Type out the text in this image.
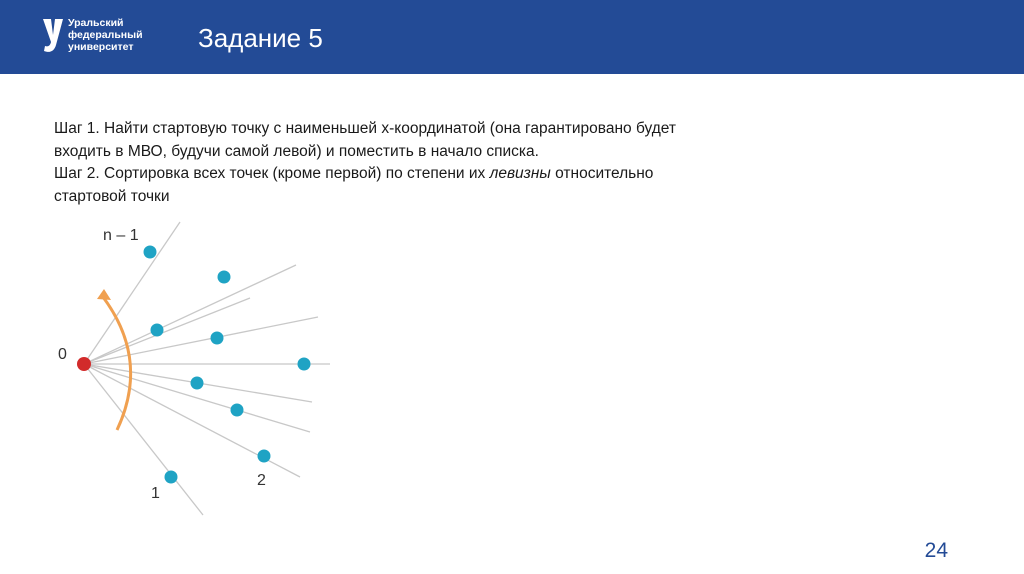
Уральский
федеральный
университет	Задание 5

Шаг 1. Найти стартовую точку с наименьшей x-координатой (она гарантировано будет

входить в МВО, будучи самой левой) и поместить в начало списка.

Шаг 2. Сортировка всех точек (кроме первой) по степени их левизны относительно

стартовой точки

0
n – 1
1
2
24
